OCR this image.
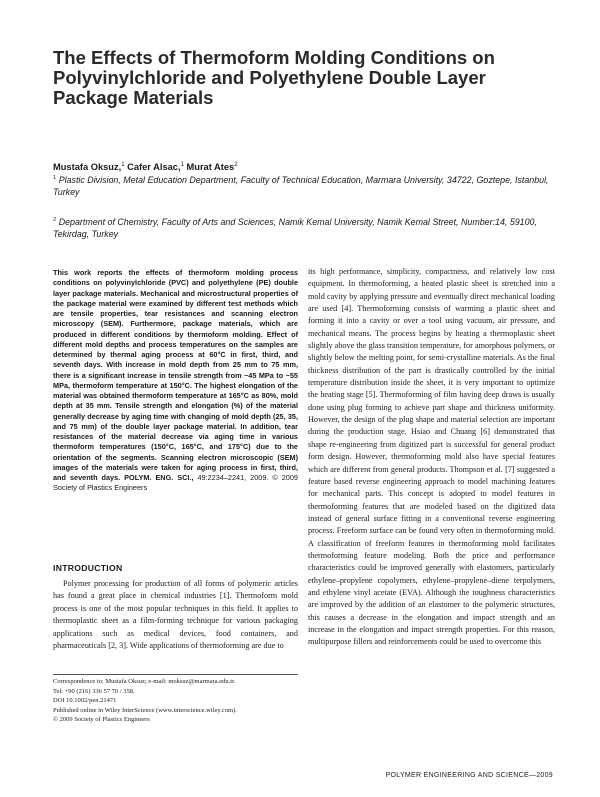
The Effects of Thermoform Molding Conditions on Polyvinylchloride and Polyethylene Double Layer Package Materials
Mustafa Oksuz,$^1$ Cafer Alsac,$^1$ Murat Ates$^2$
$^1$ Plastic Division, Metal Education Department, Faculty of Technical Education, Marmara University, 34722, Goztepe, Istanbul, Turkey
$^2$ Department of Chemistry, Faculty of Arts and Sciences, Namik Kemal University, Namik Kemal Street, Number:14, 59100, Tekirdag, Turkey

This work reports the effects of thermoform molding process conditions on polyvinylchloride (PVC) and polyethylene (PE) double layer package materials. Mechanical and microstructural properties of the package material were examined by different test methods which are tensile properties, tear resistances and scanning electron microscopy (SEM). Furthermore, package materials, which are produced in different conditions by thermoform molding. Effect of different mold depths and process temperatures on the samples are determined by thermal aging process at 60°C in first, third, and seventh days. With increase in mold depth from 25 mm to 75 mm, there is a significant increase in tensile strength from ~45 MPa to ~55 MPa, thermoform temperature at 150°C. The highest elongation of the material was obtained thermoform temperature at 165°C as 80%, mold depth at 35 mm. Tensile strength and elongation (%) of the material generally decrease by aging time with changing of mold depth (25, 35, and 75 mm) of the double layer package material. In addition, tear resistances of the material decrease via aging time in various thermoform temperatures (150°C, 165°C, and 175°C) due to the orientation of the segments. Scanning electron microscopic (SEM) images of the materials were taken for aging process in first, third, and seventh days. POLYM. ENG. SCI., 49:2234–2241, 2009. © 2009 Society of Plastics Engineers

INTRODUCTION

Polymer processing for production of all forms of polymeric articles has found a great place in chemical industries [1]. Thermoform mold process is one of the most popular techniques in this field. It applies to thermoplastic sheet as a film-forming technique for various packaging applications such as medical devices, food containers, and pharmaceuticals [2, 3]. Wide applications of thermoforming are due to

Correspondence to: Mustafa Oksuz; e-mail: moksuz@marmara.edu.tr.
Tel: +90 (216) 336 57 70 / 358.
DOI 10.1002/pen.21471
Published online in Wiley InterScience (www.interscience.wiley.com).
© 2009 Society of Plastics Engineers

its high performance, simplicity, compactness, and relatively low cost equipment. In thermoforming, a heated plastic sheet is stretched into a mold cavity by applying pressure and eventually direct mechanical loading are used [4]. Thermoforming consists of warming a plastic sheet and forming it into a cavity or over a tool using vacuum, air pressure, and mechanical means. The process begins by heating a thermoplastic sheet slightly above the glass transition temperature, for amorphous polymers, or slightly below the melting point, for semi-crystalline materials. As the final thickness distribution of the part is drastically controlled by the initial temperature distribution inside the sheet, it is very important to optimize the heating stage [5]. Thermoforming of film having deep draws is usually done using plug forming to achieve part shape and thickness uniformity. However, the design of the plug shape and material selection are important during the production stage. Hsiao and Chuang [6] demonstrated that shape re-engineering from digitized part is successful for general product form design. However, thermoforming mold also have special features which are different from general products. Thompson et al. [7] suggested a feature based reverse engineering approach to model machining features for mechanical parts. This concept is adopted to model features in thermoforming features that are modeled based on the digitized data instead of general surface fitting in a conventional reverse engineering process. Freeform surface can be found very often in thermoforming mold. A classification of freeform features in thermoforming mold facilitates thermoforming feature modeling. Both the price and performance characteristics could be improved generally with elastomers, particularly ethylene–propylene copolymers, ethylene–propylene–diene terpolymers, and ethylene vinyl acetate (EVA). Although the toughness characteristics are improved by the addition of an elastomer to the polymeric structures, this causes a decrease in the elongation and impact strength and an increase in the elongation and impact strength properties. For this reason, multipurpose fillers and reinforcements could be used to overcome this

POLYMER ENGINEERING AND SCIENCE—2009
